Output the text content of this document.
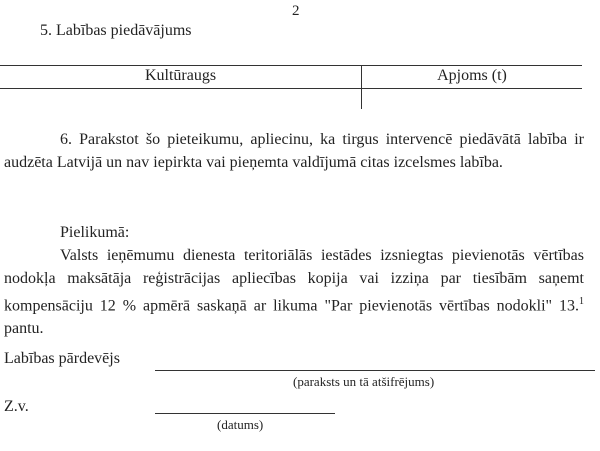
2
5. Labības piedāvājums
Kultūraugs	Apjoms (t)

6. Parakstot šo pieteikumu, apliecinu, ka tirgus intervencē piedāvātā labība ir audzēta Latvijā un nav iepirkta vai pieņemta valdījumā citas izcelsmes labība.

Pielikumā:

Valsts ieņēmumu dienesta teritoriālās iestādes izsniegtas pievienotās vērtības nodokļa maksātāja reģistrācijas apliecības kopija vai izziņa par tiesībām saņemt kompensāciju 12 % apmērā saskaņā ar likuma "Par pievienotās vērtības nodokli" 13.$^1$ pantu.

Labības pārdevējs
(paraksts un tā atšifrējums)
Z.v.
(datums)
